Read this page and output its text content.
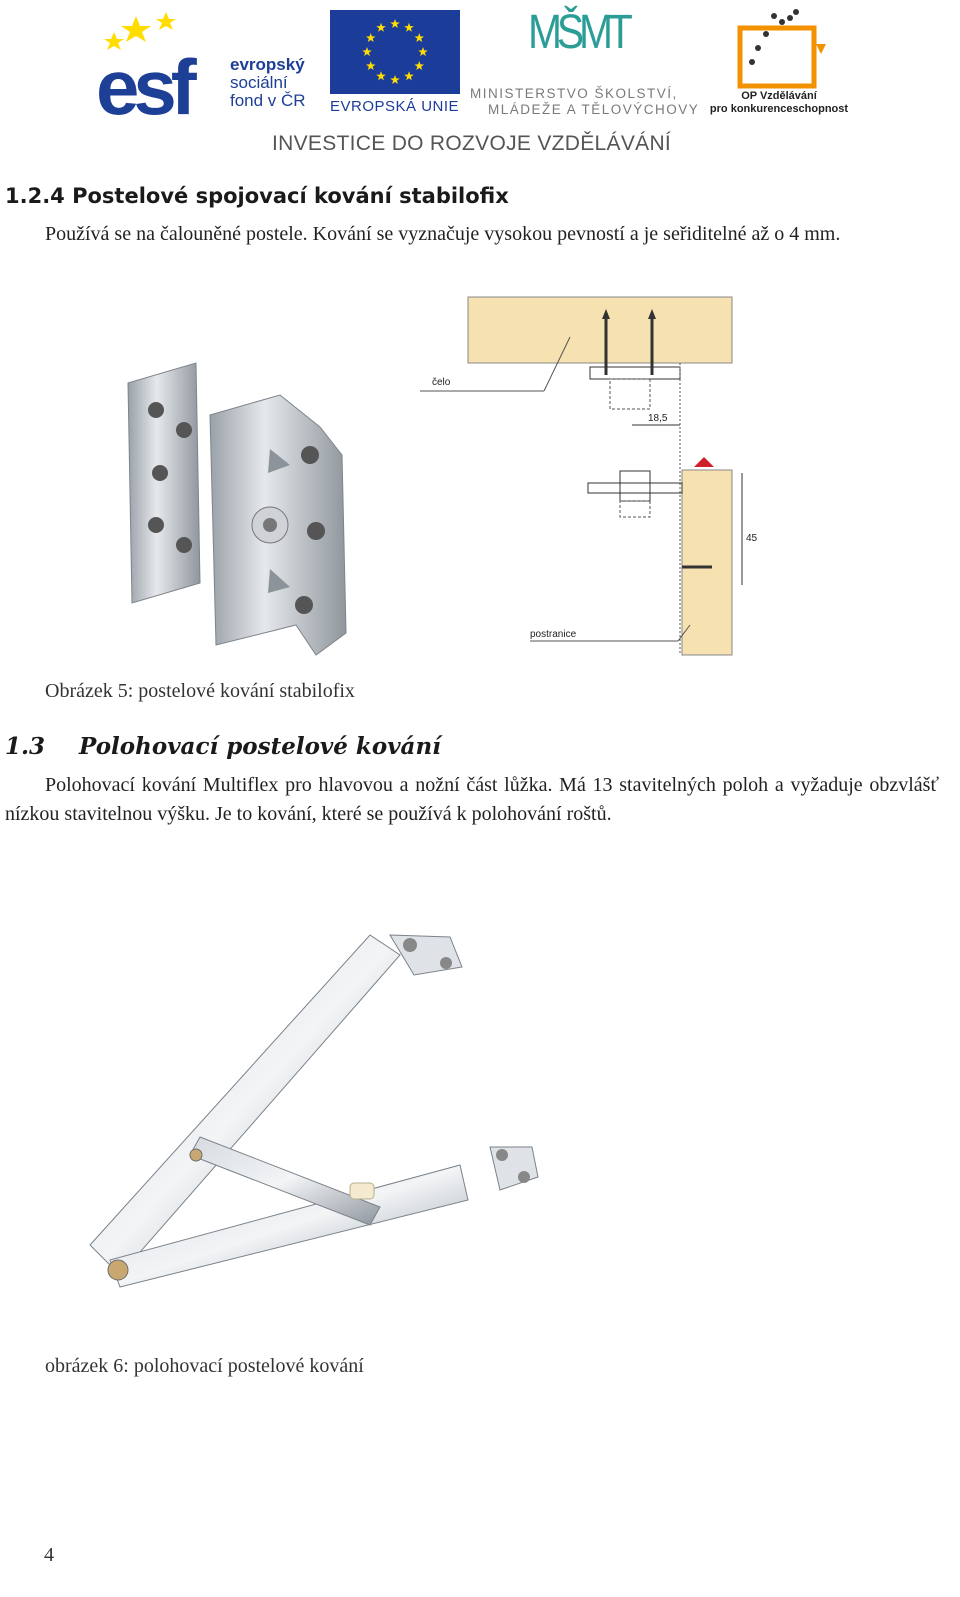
esf	evropský
sociální
fond v ČR EVROPSKÁ UNIE
MŠMT
MINISTERSTVO ŠKOLSTVÍ,
MLÁDEŽE A TĚLOVÝCHOVY
OP Vzdělávání
pro konkurenceschopnost
INVESTICE DO ROZVOJE VZDĚLÁVÁNÍ
1.2.4 Postelové spojovací kování stabilofix

Používá se na čalouněné postele. Kování se vyznačuje vysokou pevností a je seřiditelné až o 4 mm.

18,5
45
čelo
postranice
Obrázek 5: postelové kování stabilofix
1.3 Polohovací postelové kování

Polohovací kování Multiflex pro hlavovou a nožní část lůžka. Má 13 stavitelných poloh a vyžaduje obzvlášť nízkou stavitelnou výšku. Je to kování, které se používá k polohování roštů.

obrázek 6: polohovací postelové kování
4
